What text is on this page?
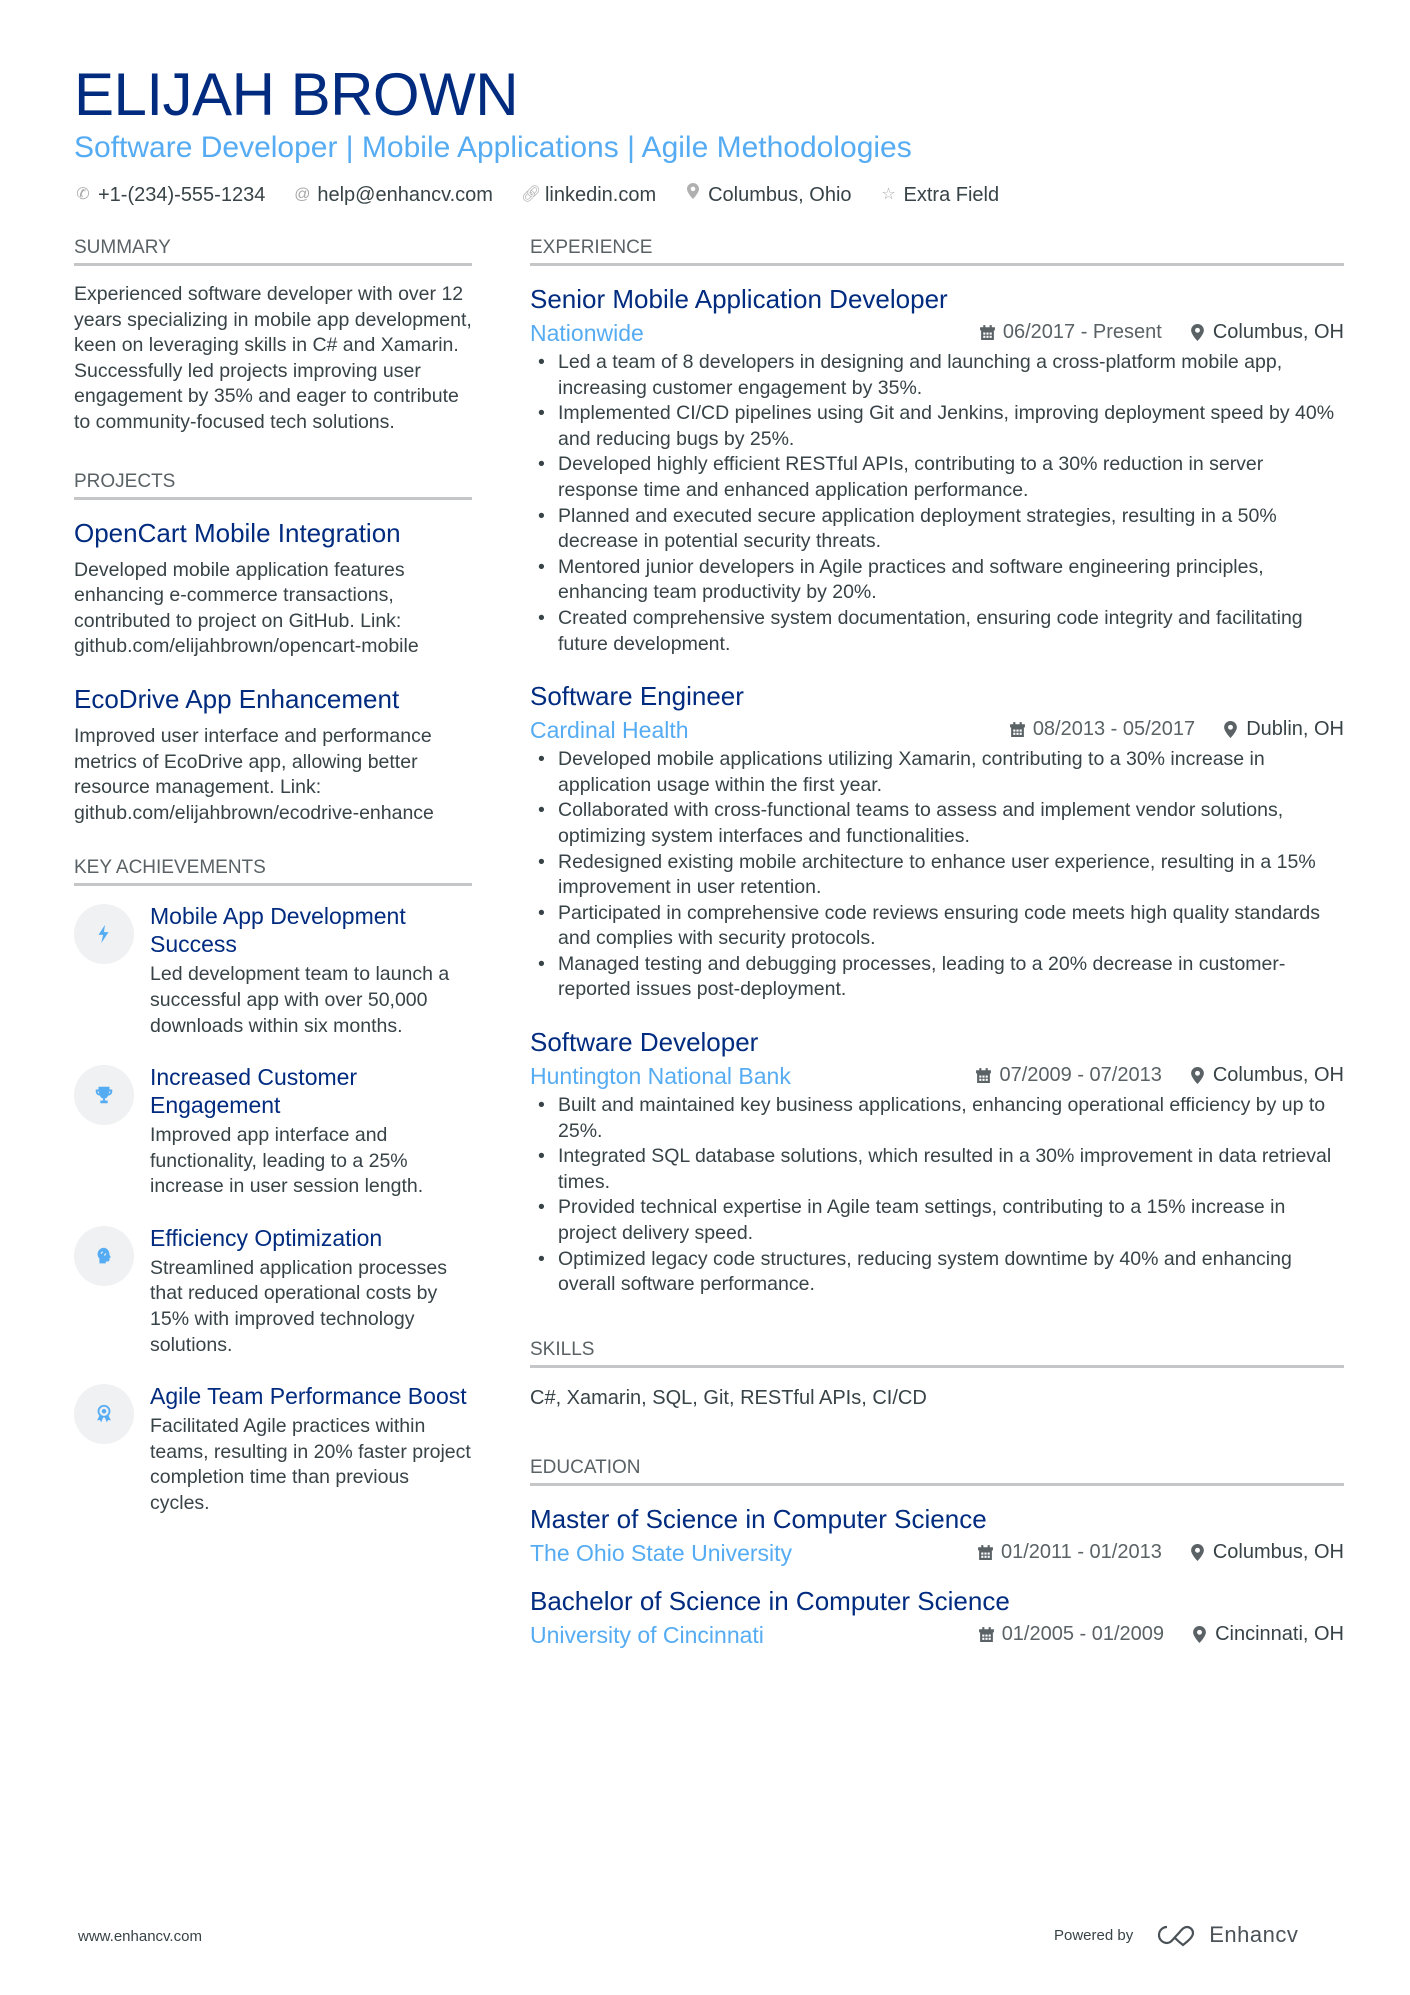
ELIJAH BROWN
Software Developer | Mobile Applications | Agile Methodologies
✆ +1-(234)-555-1234 @ help@enhancv.com 🔗︎ linkedin.com	Columbus, Ohio ☆ Extra Field
SUMMARY
Experienced software developer with over 12 years specializing in mobile app development, keen on leveraging skills in C# and Xamarin. Successfully led projects improving user engagement by 35% and eager to contribute to community-focused tech solutions.
PROJECTS
OpenCart Mobile Integration
Developed mobile application features enhancing e-commerce transactions, contributed to project on GitHub. Link: github.com/elijahbrown/opencart-mobile
EcoDrive App Enhancement
Improved user interface and performance metrics of EcoDrive app, allowing better resource management. Link: github.com/elijahbrown/ecodrive-enhance
KEY ACHIEVEMENTS
Mobile App Development Success
Led development team to launch a successful app with over 50,000 downloads within six months.
Increased Customer Engagement
Improved app interface and functionality, leading to a 25% increase in user session length.
Efficiency Optimization
Streamlined application processes that reduced operational costs by 15% with improved technology solutions.
Agile Team Performance Boost
Facilitated Agile practices within teams, resulting in 20% faster project completion time than previous cycles.
EXPERIENCE
Senior Mobile Application Developer
Nationwide	06/2017 - Present	Columbus, OH
• Led a team of 8 developers in designing and launching a cross-platform mobile app, increasing customer engagement by 35%.
• Implemented CI/CD pipelines using Git and Jenkins, improving deployment speed by 40% and reducing bugs by 25%.
• Developed highly efficient RESTful APIs, contributing to a 30% reduction in server response time and enhanced application performance.
• Planned and executed secure application deployment strategies, resulting in a 50% decrease in potential security threats.
• Mentored junior developers in Agile practices and software engineering principles, enhancing team productivity by 20%.
• Created comprehensive system documentation, ensuring code integrity and facilitating future development.
Software Engineer
Cardinal Health	08/2013 - 05/2017	Dublin, OH
• Developed mobile applications utilizing Xamarin, contributing to a 30% increase in application usage within the first year.
• Collaborated with cross-functional teams to assess and implement vendor solutions, optimizing system interfaces and functionalities.
• Redesigned existing mobile architecture to enhance user experience, resulting in a 15% improvement in user retention.
• Participated in comprehensive code reviews ensuring code meets high quality standards and complies with security protocols.
• Managed testing and debugging processes, leading to a 20% decrease in customer-reported issues post-deployment.
Software Developer
Huntington National Bank	07/2009 - 07/2013	Columbus, OH
• Built and maintained key business applications, enhancing operational efficiency by up to 25%.
• Integrated SQL database solutions, which resulted in a 30% improvement in data retrieval times.
• Provided technical expertise in Agile team settings, contributing to a 15% increase in project delivery speed.
• Optimized legacy code structures, reducing system downtime by 40% and enhancing overall software performance.
SKILLS
C#, Xamarin, SQL, Git, RESTful APIs, CI/CD
EDUCATION
Master of Science in Computer Science
The Ohio State University	01/2011 - 01/2013	Columbus, OH
Bachelor of Science in Computer Science
University of Cincinnati	01/2005 - 01/2009	Cincinnati, OH
www.enhancv.com	Powered by	Enhancv
